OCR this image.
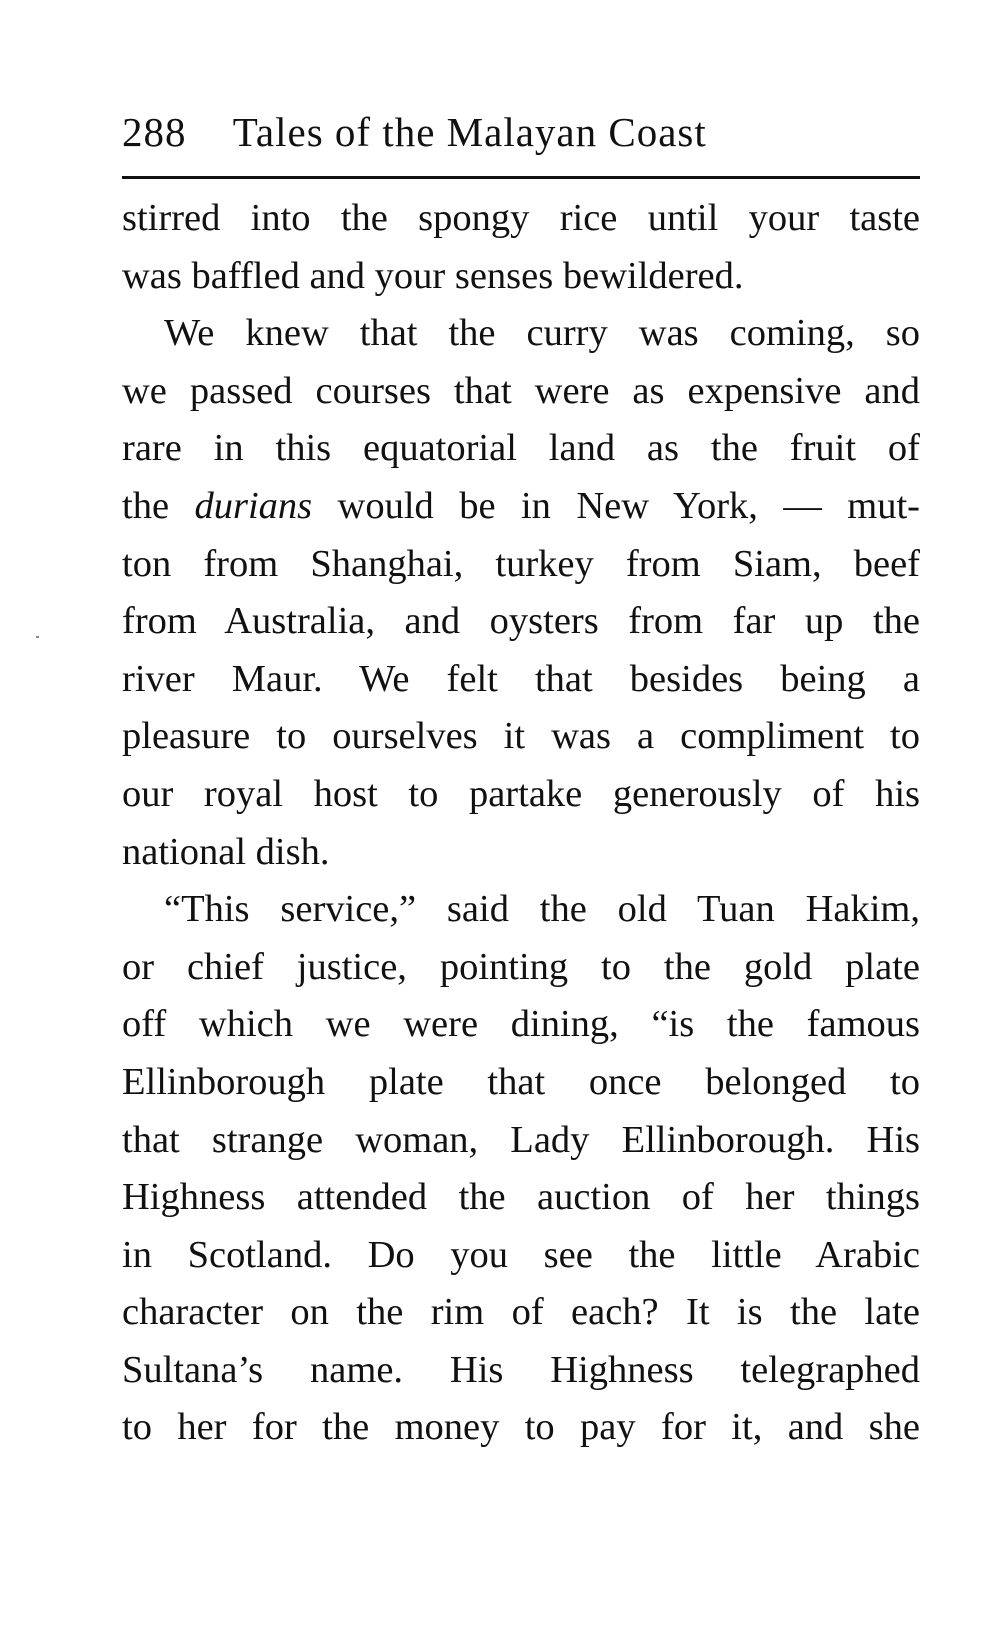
288 Tales of the Malayan Coast
stirred into the spongy rice until your taste
was baffled and your senses bewildered.
We knew that the curry was coming, so
we passed courses that were as expensive and
rare in this equatorial land as the fruit of
the durians would be in New York, — mut-
ton from Shanghai, turkey from Siam, beef
from Australia, and oysters from far up the
river Maur. We felt that besides being a
pleasure to ourselves it was a compliment to
our royal host to partake generously of his
national dish.
“This service,” said the old Tuan Hakim,
or chief justice, pointing to the gold plate
off which we were dining, “is the famous
Ellinborough plate that once belonged to
that strange woman, Lady Ellinborough. His
Highness attended the auction of her things
in Scotland. Do you see the little Arabic
character on the rim of each? It is the late
Sultana’s name. His Highness telegraphed
to her for the money to pay for it, and she
